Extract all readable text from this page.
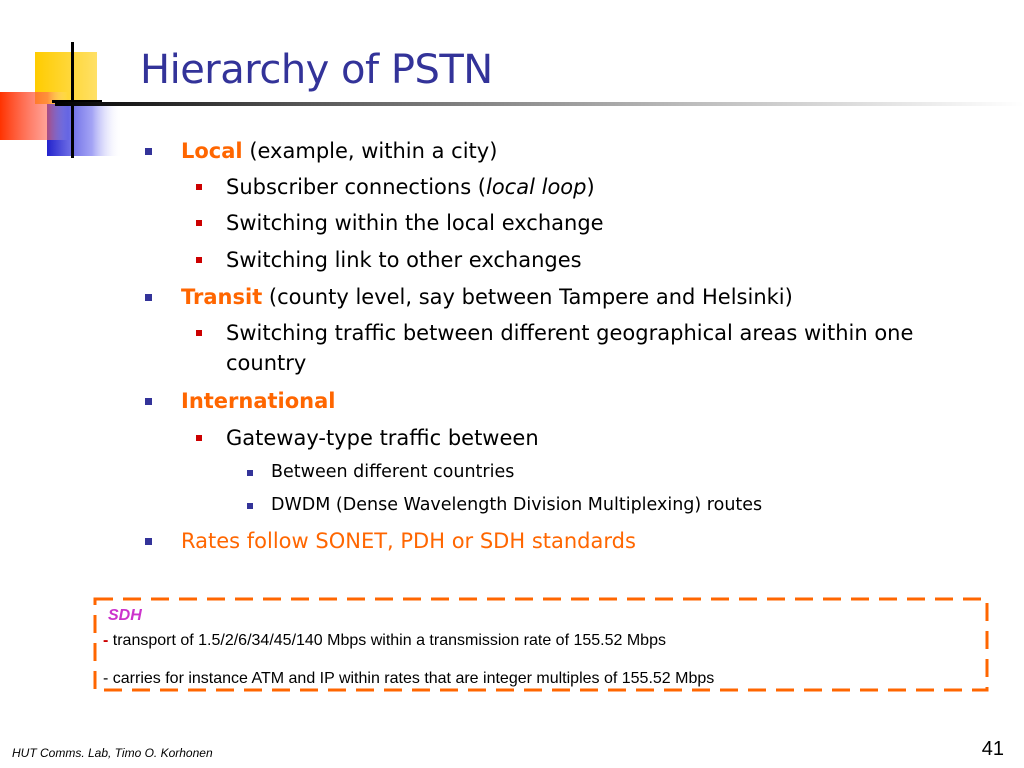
Hierarchy of PSTN
Local (example, within a city)
Subscriber connections (local loop)
Switching within the local exchange
Switching link to other exchanges
Transit (county level, say between Tampere and Helsinki)
Switching traffic between different geographical areas within one country
International
Gateway-type traffic between
Between different countries
DWDM (Dense Wavelength Division Multiplexing) routes
Rates follow SONET, PDH or SDH standards
SDH
- transport of 1.5/2/6/34/45/140 Mbps within a transmission rate of 155.52 Mbps
- carries for instance ATM and IP within rates that are integer multiples of 155.52 Mbps
HUT Comms. Lab, Timo O. Korhonen	41
